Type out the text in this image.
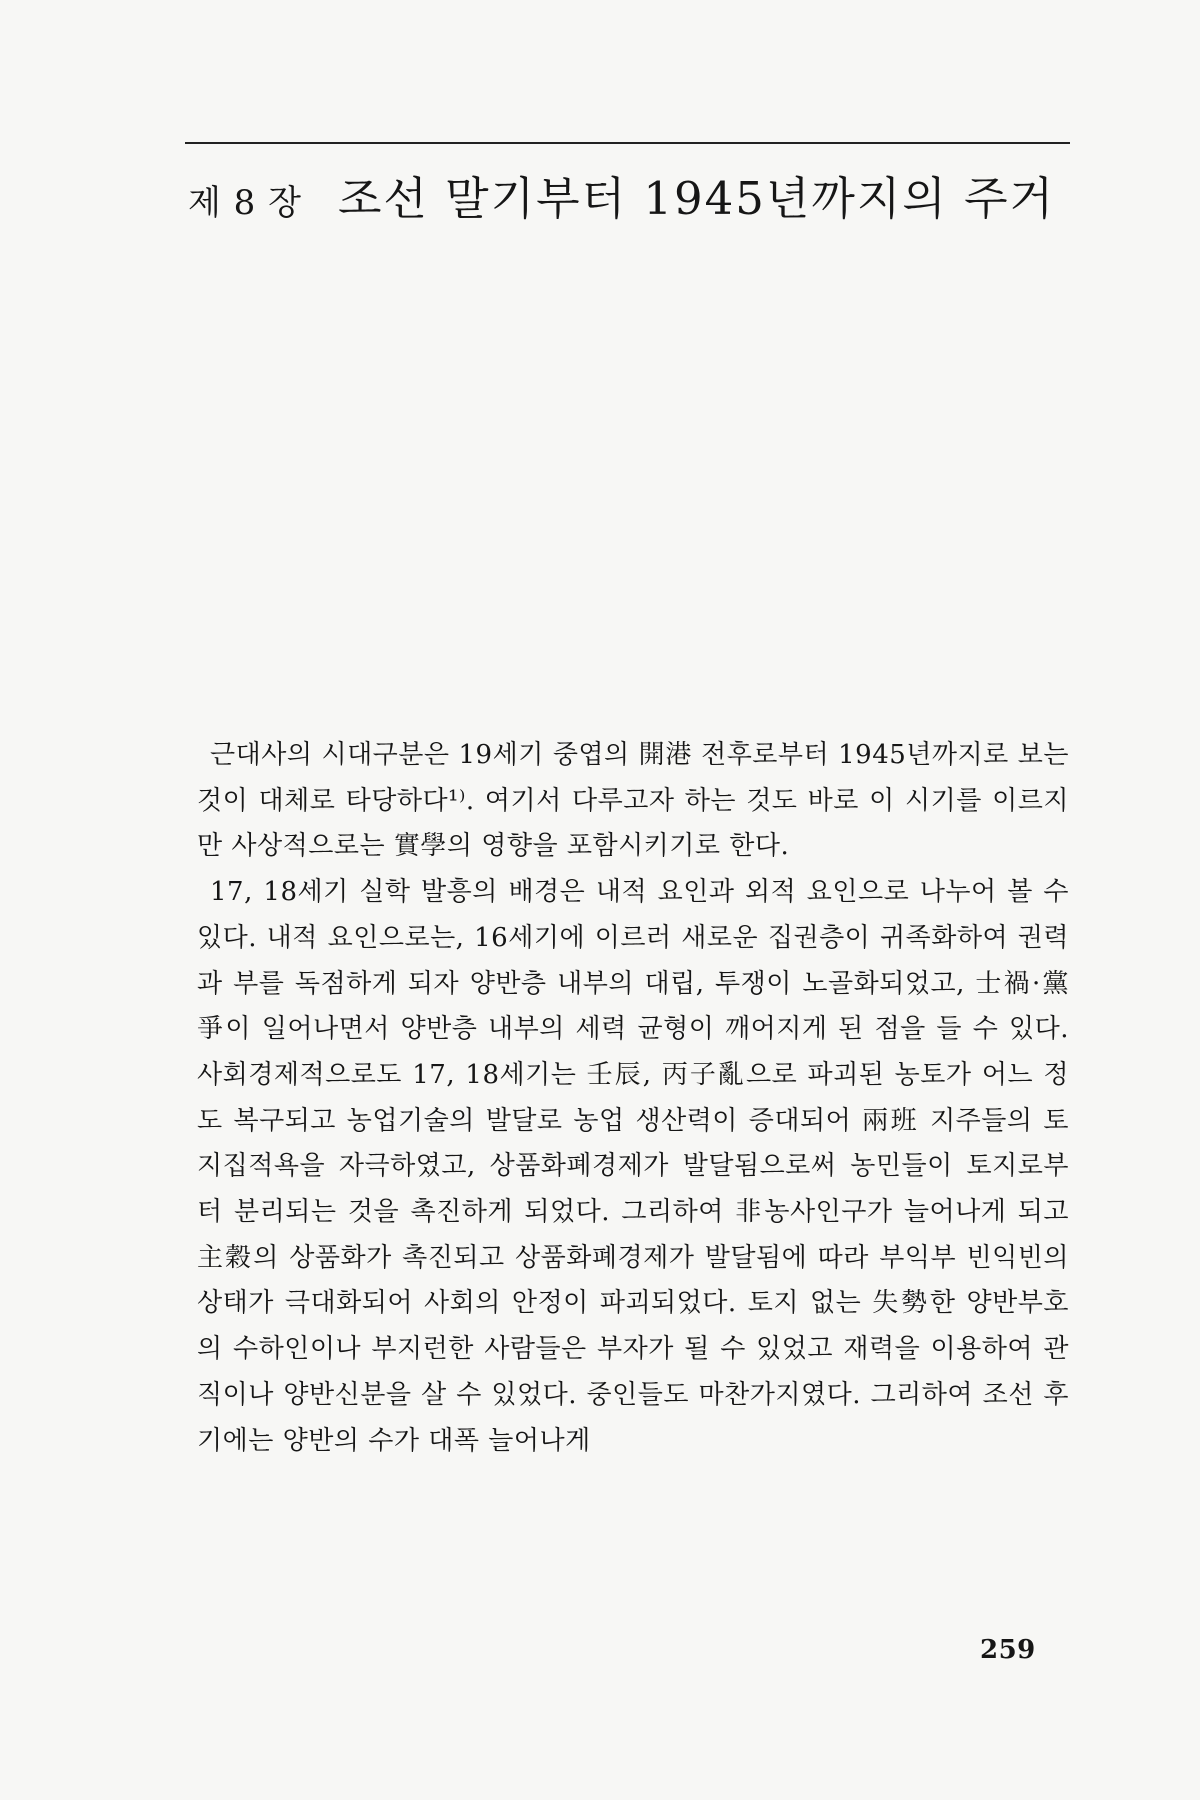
제 8 장 조선 말기부터 1945년까지의 주거

근대사의 시대구분은 19세기 중엽의 開港 전후로부터 1945년까지로 보는 것이 대체로 타당하다¹⁾. 여기서 다루고자 하는 것도 바로 이 시기를 이르지만 사상적으로는 實學의 영향을 포함시키기로 한다.

17, 18세기 실학 발흥의 배경은 내적 요인과 외적 요인으로 나누어 볼 수 있다. 내적 요인으로는, 16세기에 이르러 새로운 집권층이 귀족화하여 권력과 부를 독점하게 되자 양반층 내부의 대립, 투쟁이 노골화되었고, 士禍·黨爭이 일어나면서 양반층 내부의 세력 균형이 깨어지게 된 점을 들 수 있다. 사회경제적으로도 17, 18세기는 壬辰, 丙子亂으로 파괴된 농토가 어느 정도 복구되고 농업기술의 발달로 농업 생산력이 증대되어 兩班 지주들의 토지집적욕을 자극하였고, 상품화폐경제가 발달됨으로써 농민들이 토지로부터 분리되는 것을 촉진하게 되었다. 그리하여 非농사인구가 늘어나게 되고 主穀의 상품화가 촉진되고 상품화폐경제가 발달됨에 따라 부익부 빈익빈의 상태가 극대화되어 사회의 안정이 파괴되었다. 토지 없는 失勢한 양반부호의 수하인이나 부지런한 사람들은 부자가 될 수 있었고 재력을 이용하여 관직이나 양반신분을 살 수 있었다. 중인들도 마찬가지였다. 그리하여 조선 후기에는 양반의 수가 대폭 늘어나게

259
